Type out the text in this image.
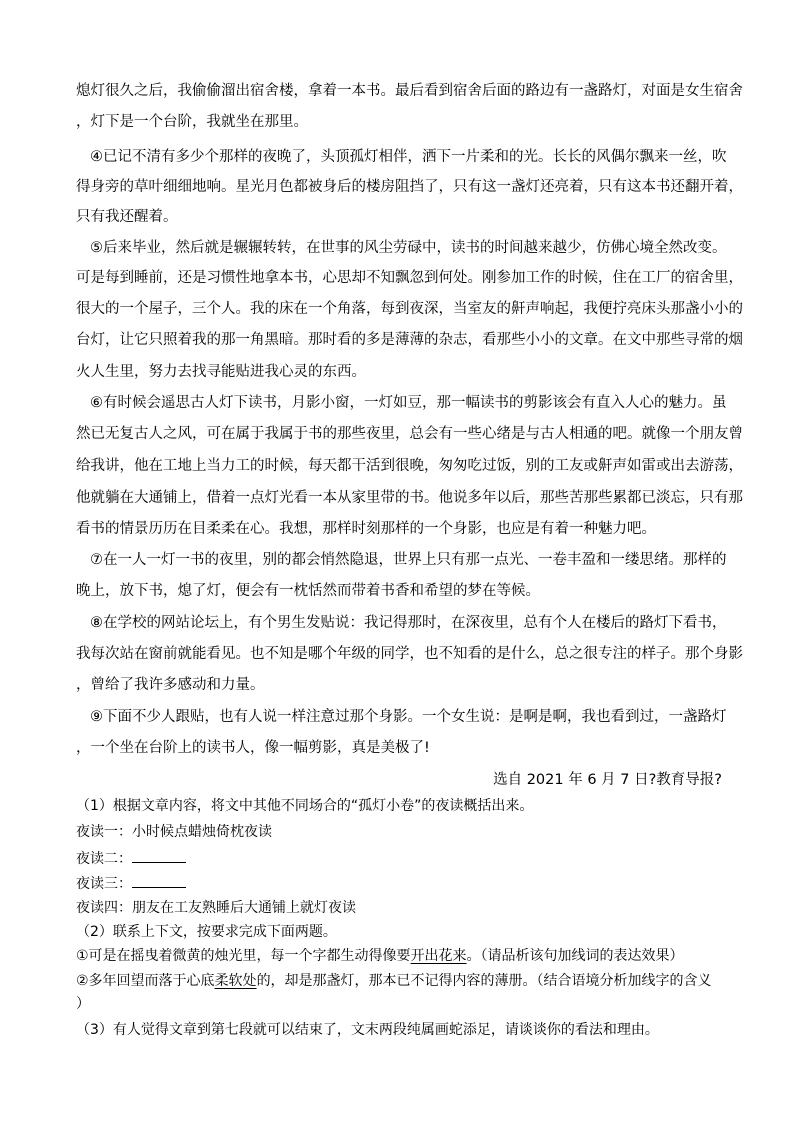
熄灯很久之后，我偷偷溜出宿舍楼，拿着一本书。最后看到宿舍后面的路边有一盏路灯，对面是女生宿舍
，灯下是一个台阶，我就坐在那里。
④已记不清有多少个那样的夜晚了，头顶孤灯相伴，洒下一片柔和的光。长长的风偶尔飘来一丝，吹
得身旁的草叶细细地响。星光月色都被身后的楼房阻挡了，只有这一盏灯还亮着，只有这本书还翻开着，
只有我还醒着。
⑤后来毕业，然后就是辗辗转转，在世事的风尘劳碌中，读书的时间越来越少，仿佛心境全然改变。
可是每到睡前，还是习惯性地拿本书，心思却不知飘忽到何处。刚参加工作的时候，住在工厂的宿舍里，
很大的一个屋子，三个人。我的床在一个角落，每到夜深，当室友的鼾声响起，我便拧亮床头那盏小小的
台灯，让它只照着我的那一角黑暗。那时看的多是薄薄的杂志，看那些小小的文章。在文中那些寻常的烟
火人生里，努力去找寻能贴进我心灵的东西。
⑥有时候会遥思古人灯下读书，月影小窗，一灯如豆，那一幅读书的剪影该会有直入人心的魅力。虽
然已无复古人之风，可在属于我属于书的那些夜里，总会有一些心绪是与古人相通的吧。就像一个朋友曾
给我讲，他在工地上当力工的时候，每天都干活到很晚，匆匆吃过饭，别的工友或鼾声如雷或出去游荡，
他就躺在大通铺上，借着一点灯光看一本从家里带的书。他说多年以后，那些苦那些累都已淡忘，只有那
看书的情景历历在目柔柔在心。我想，那样时刻那样的一个身影，也应是有着一种魅力吧。
⑦在一人一灯一书的夜里，别的都会悄然隐退，世界上只有那一点光、一卷丰盈和一缕思绪。那样的
晚上，放下书，熄了灯，便会有一枕恬然而带着书香和希望的梦在等候。
⑧在学校的网站论坛上，有个男生发贴说：我记得那时，在深夜里，总有个人在楼后的路灯下看书，
我每次站在窗前就能看见。也不知是哪个年级的同学，也不知看的是什么，总之很专注的样子。那个身影
，曾给了我许多感动和力量。
⑨下面不少人跟贴，也有人说一样注意过那个身影。一个女生说：是啊是啊，我也看到过，一盏路灯
，一个坐在台阶上的读书人，像一幅剪影，真是美极了!
选自 2021 年 6 月 7 日?教育导报?
（1）根据文章内容，将文中其他不同场合的“孤灯小卷”的夜读概括出来。
夜读一：小时候点蜡烛倚枕夜读
夜读二：
夜读三：
夜读四：朋友在工友熟睡后大通铺上就灯夜读
（2）联系上下文，按要求完成下面两题。
①可是在摇曳着微黄的烛光里，每一个字都生动得像要开出花来。（请品析该句加线词的表达效果）
②多年回望而落于心底柔软处的，却是那盏灯，那本已不记得内容的薄册。（结合语境分析加线字的含义
）
（3）有人觉得文章到第七段就可以结束了，文末两段纯属画蛇添足，请谈谈你的看法和理由。
